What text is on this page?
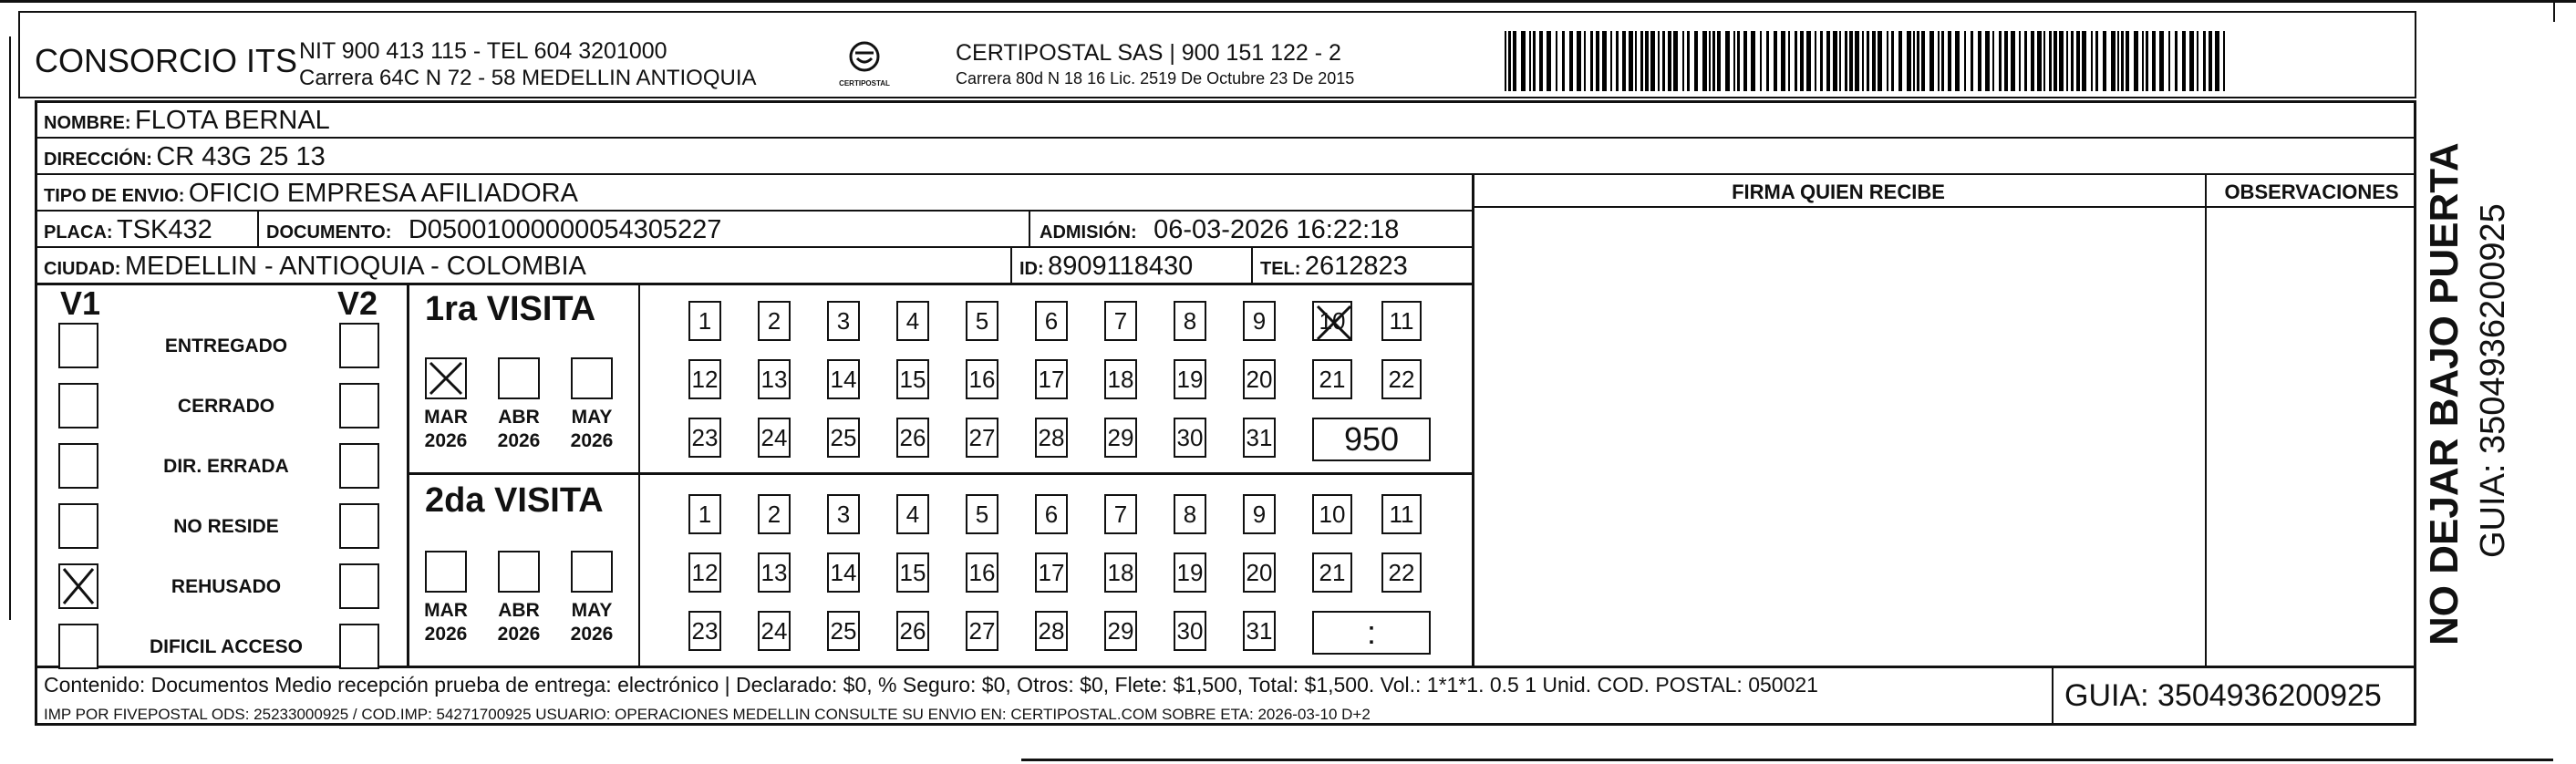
CONSORCIO ITS NIT 900 413 115 - TEL 604 3201000
Carrera 64C N 72 - 58 MEDELLIN ANTIOQUIA	CERTIPOSTAL
CERTIPOSTAL SAS | 900 151 122 - 2
Carrera 80d N 18 16 Lic. 2519 De Octubre 23 De 2015
NOMBRE: FLOTA BERNAL
DIRECCIÓN: CR 43G 25 13
TIPO DE ENVIO: OFICIO EMPRESA AFILIADORA
PLACA: TSK432	DOCUMENTO: D05001000000054305227	ADMISIÓN: 06-03-2026 16:22:18
CIUDAD: MEDELLIN - ANTIOQUIA - COLOMBIA	ID: 8909118430	TEL: 2612823
FIRMA QUIEN RECIBE	OBSERVACIONES
V1	V2
ENTREGADO
CERRADO
DIR. ERRADA
NO RESIDE
REHUSADO
DIFICIL ACCESO
1ra VISITA
2da VISITA
MAR
2026
ABR
2026
MAY
2026
1 2 3 4 5 6 7 8 9 10 11
12 13 14 15 16 17 18 19 20 21 22
23 24 25 26 27 28 29 30 31 950
MAR
2026
ABR
2026
MAY
2026
1 2 3 4 5 6 7 8 9 10 11
12 13 14 15 16 17 18 19 20 21 22
23 24 25 26 27 28 29 30 31	:
Contenido: Documentos Medio recepción prueba de entrega: electrónico | Declarado: $0, % Seguro: $0, Otros: $0, Flete: $1,500, Total: $1,500. Vol.: 1*1*1. 0.5 1 Unid. COD. POSTAL: 050021
IMP POR FIVEPOSTAL ODS: 25233000925 / COD.IMP: 54271700925 USUARIO: OPERACIONES MEDELLIN CONSULTE SU ENVIO EN: CERTIPOSTAL.COM SOBRE ETA: 2026-03-10 D+2
GUIA: 3504936200925
NO DEJAR BAJO PUERTA GUIA: 3504936200925
